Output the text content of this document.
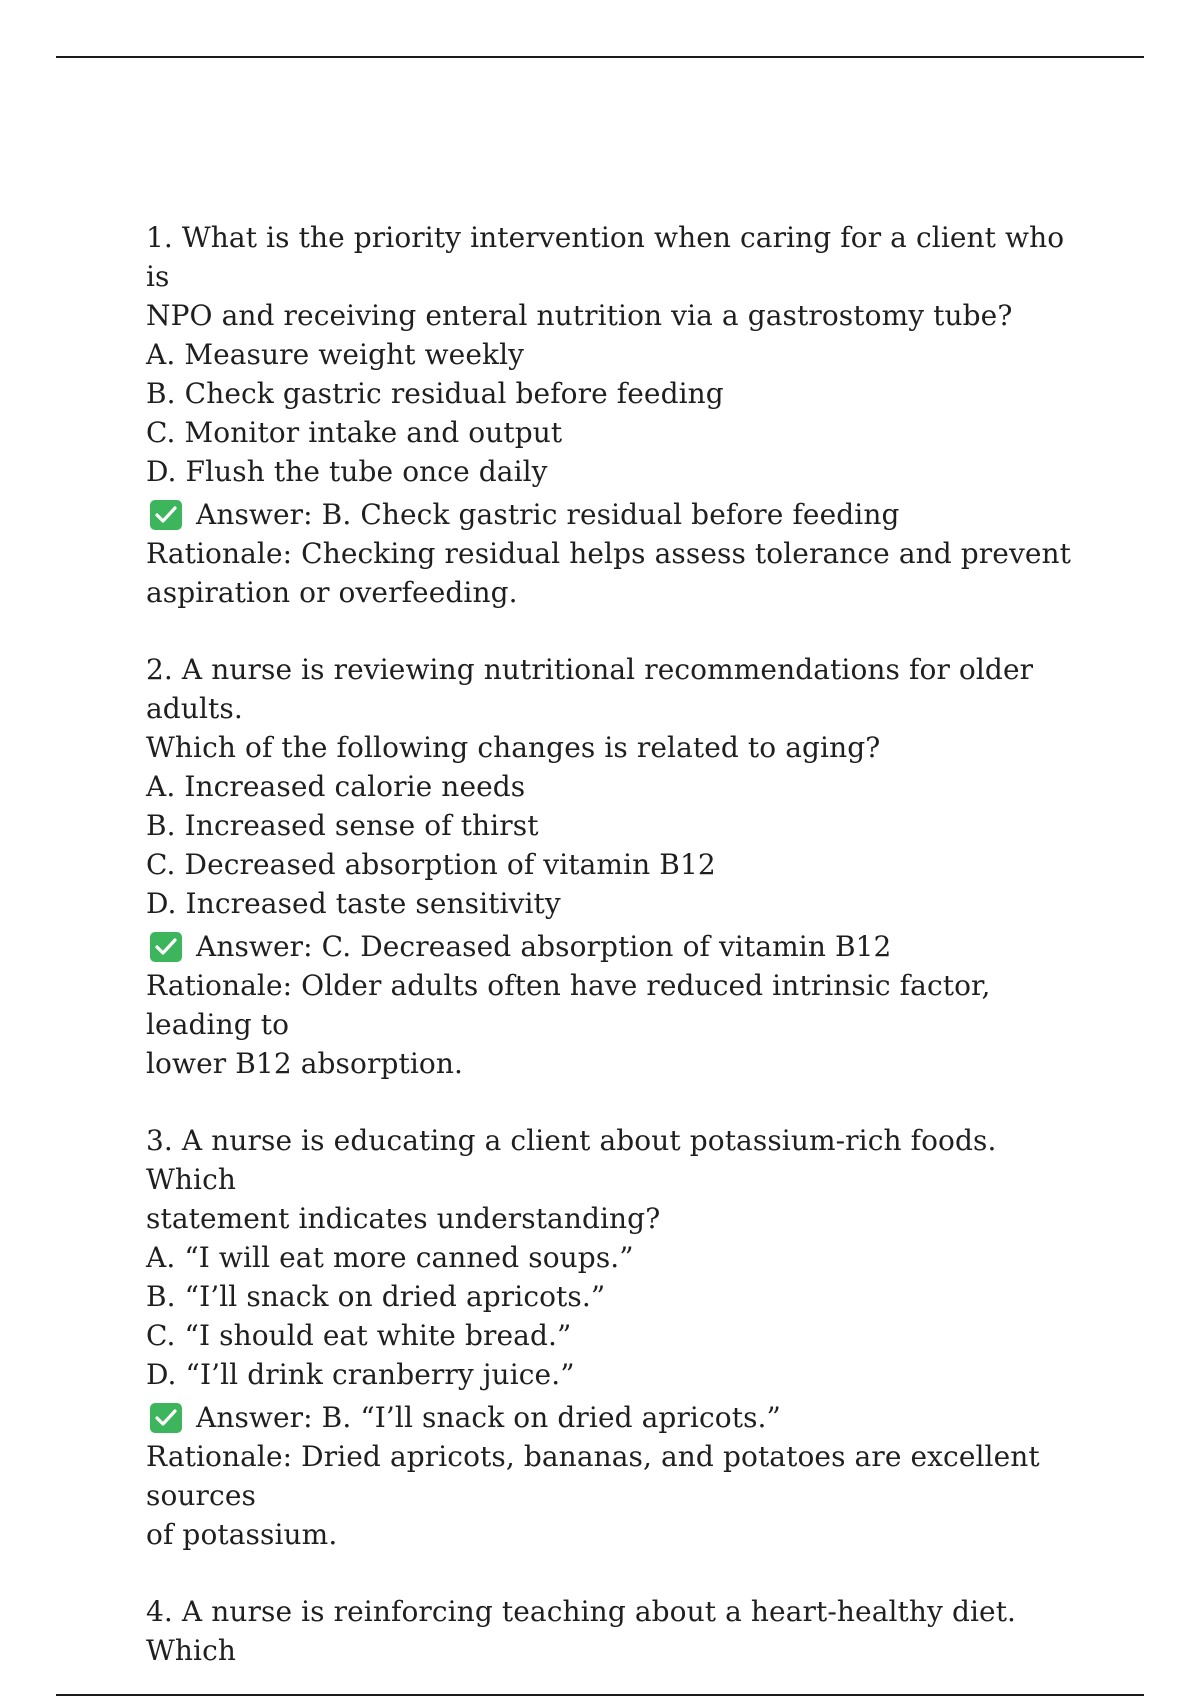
1. What is the priority intervention when caring for a client who is
NPO and receiving enteral nutrition via a gastrostomy tube?

A. Measure weight weekly
B. Check gastric residual before feeding
C. Monitor intake and output
D. Flush the tube once daily
Answer: B. Check gastric residual before feeding

Rationale: Checking residual helps assess tolerance and prevent
aspiration or overfeeding.

2. A nurse is reviewing nutritional recommendations for older adults.
Which of the following changes is related to aging?

A. Increased calorie needs
B. Increased sense of thirst
C. Decreased absorption of vitamin B12
D. Increased taste sensitivity
Answer: C. Decreased absorption of vitamin B12

Rationale: Older adults often have reduced intrinsic factor, leading to
lower B12 absorption.

3. A nurse is educating a client about potassium-rich foods. Which
statement indicates understanding?

A. “I will eat more canned soups.”
B. “I’ll snack on dried apricots.”
C. “I should eat white bread.”
D. “I’ll drink cranberry juice.”
Answer: B. “I’ll snack on dried apricots.”

Rationale: Dried apricots, bananas, and potatoes are excellent sources
of potassium.

4. A nurse is reinforcing teaching about a heart-healthy diet. Which
